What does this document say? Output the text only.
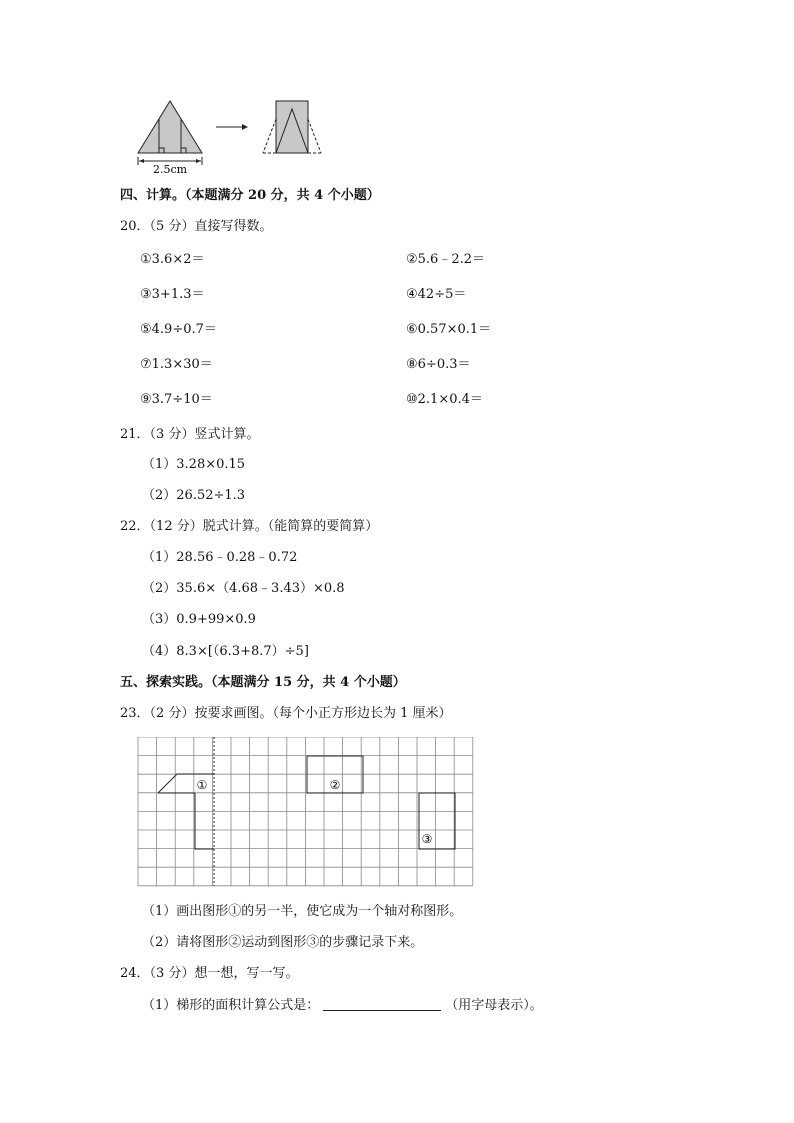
2.5cm
四、计算。（本题满分 20 分，共 4 个小题）
20．（5 分）直接写得数。
①3.6×2＝	②5.6﹣2.2＝
③3+1.3＝	④42÷5＝
⑤4.9÷0.7＝	⑥0.57×0.1＝
⑦1.3×30＝	⑧6÷0.3＝
⑨3.7÷10＝	⑩2.1×0.4＝
21．（3 分）竖式计算。
（1）3.28×0.15
（2）26.52÷1.3
22．（12 分）脱式计算。（能简算的要简算）
（1）28.56﹣0.28﹣0.72
（2）35.6×（4.68﹣3.43）×0.8
（3）0.9+99×0.9
（4）8.3×[（6.3+8.7）÷5]
五、探索实践。（本题满分 15 分，共 4 个小题）
23．（2 分）按要求画图。（每个小正方形边长为 1 厘米）
①	②
③
（1）画出图形①的另一半，使它成为一个轴对称图形。
（2）请将图形②运动到图形③的步骤记录下来。
24．（3 分）想一想，写一写。
（1）梯形的面积计算公式是：	（用字母表示）。
